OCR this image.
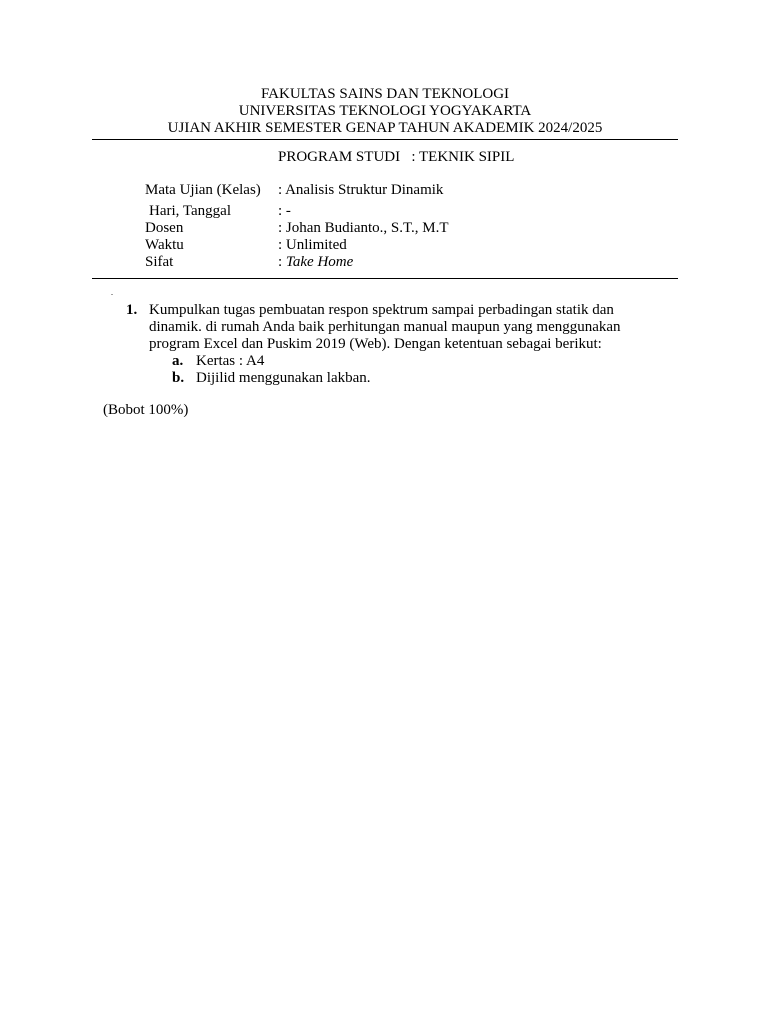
FAKULTAS SAINS DAN TEKNOLOGI
UNIVERSITAS TEKNOLOGI YOGYAKARTA
UJIAN AKHIR SEMESTER GENAP TAHUN AKADEMIK 2024/2025
PROGRAM STUDI   : TEKNIK SIPIL
Mata Ujian (Kelas) : Analisis Struktur Dinamik
Hari, Tanggal	: -
Dosen	: Johan Budianto., S.T., M.T
Waktu	: Unlimited
Sifat	: Take Home
.
1. Kumpulkan tugas pembuatan respon spektrum sampai perbadingan statik dan dinamik. di rumah Anda baik perhitungan manual maupun yang menggunakan program Excel dan Puskim 2019 (Web). Dengan ketentuan sebagai berikut:
a. Kertas : A4
b. Dijilid menggunakan lakban.
(Bobot 100%)
